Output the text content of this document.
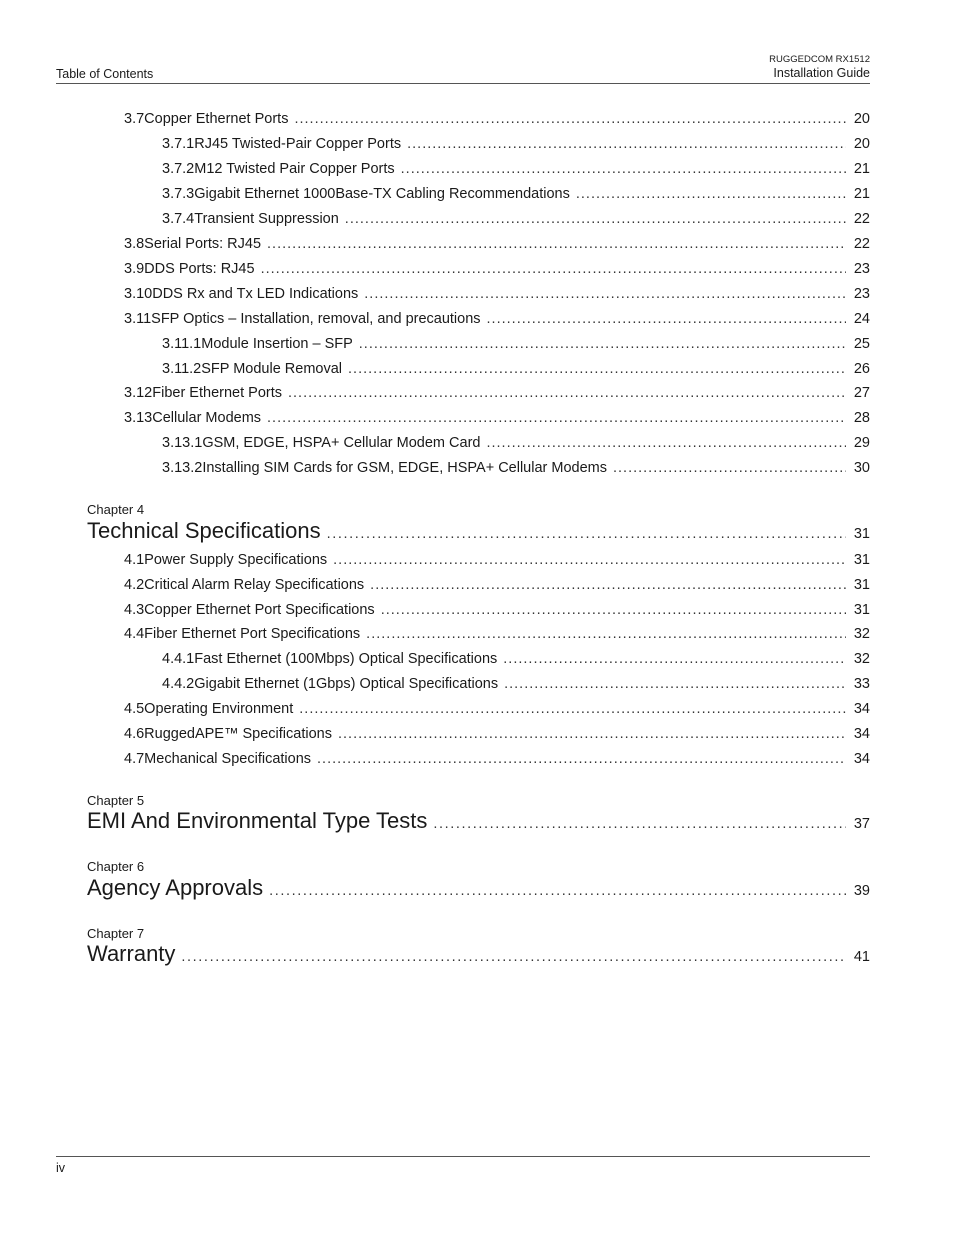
Table of Contents
RUGGEDCOM RX1512
Installation Guide
3.7 Copper Ethernet Ports .....	20
3.7.1 RJ45 Twisted-Pair Copper Ports .....	20
3.7.2 M12 Twisted Pair Copper Ports .....	21
3.7.3 Gigabit Ethernet 1000Base-TX Cabling Recommendations .....	21
3.7.4 Transient Suppression .....	22
3.8 Serial Ports: RJ45 .....	22
3.9 DDS Ports: RJ45 .....	23
3.10 DDS Rx and Tx LED Indications .....	23
3.11 SFP Optics – Installation, removal, and precautions .....	24
3.11.1 Module Insertion – SFP .....	25
3.11.2 SFP Module Removal .....	26
3.12 Fiber Ethernet Ports .....	27
3.13 Cellular Modems .....	28
3.13.1 GSM, EDGE, HSPA+ Cellular Modem Card .....	29
3.13.2 Installing SIM Cards for GSM, EDGE, HSPA+ Cellular Modems .....	30
Chapter 4
Technical Specifications .....	31
4.1 Power Supply Specifications .....	31
4.2 Critical Alarm Relay Specifications .....	31
4.3 Copper Ethernet Port Specifications .....	31
4.4 Fiber Ethernet Port Specifications .....	32
4.4.1 Fast Ethernet (100Mbps) Optical Specifications .....	32
4.4.2 Gigabit Ethernet (1Gbps) Optical Specifications .....	33
4.5 Operating Environment .....	34
4.6 RuggedAPE™ Specifications .....	34
4.7 Mechanical Specifications .....	34
Chapter 5
EMI And Environmental Type Tests .....	37
Chapter 6
Agency Approvals .....	39
Chapter 7
Warranty .....	41
iv
